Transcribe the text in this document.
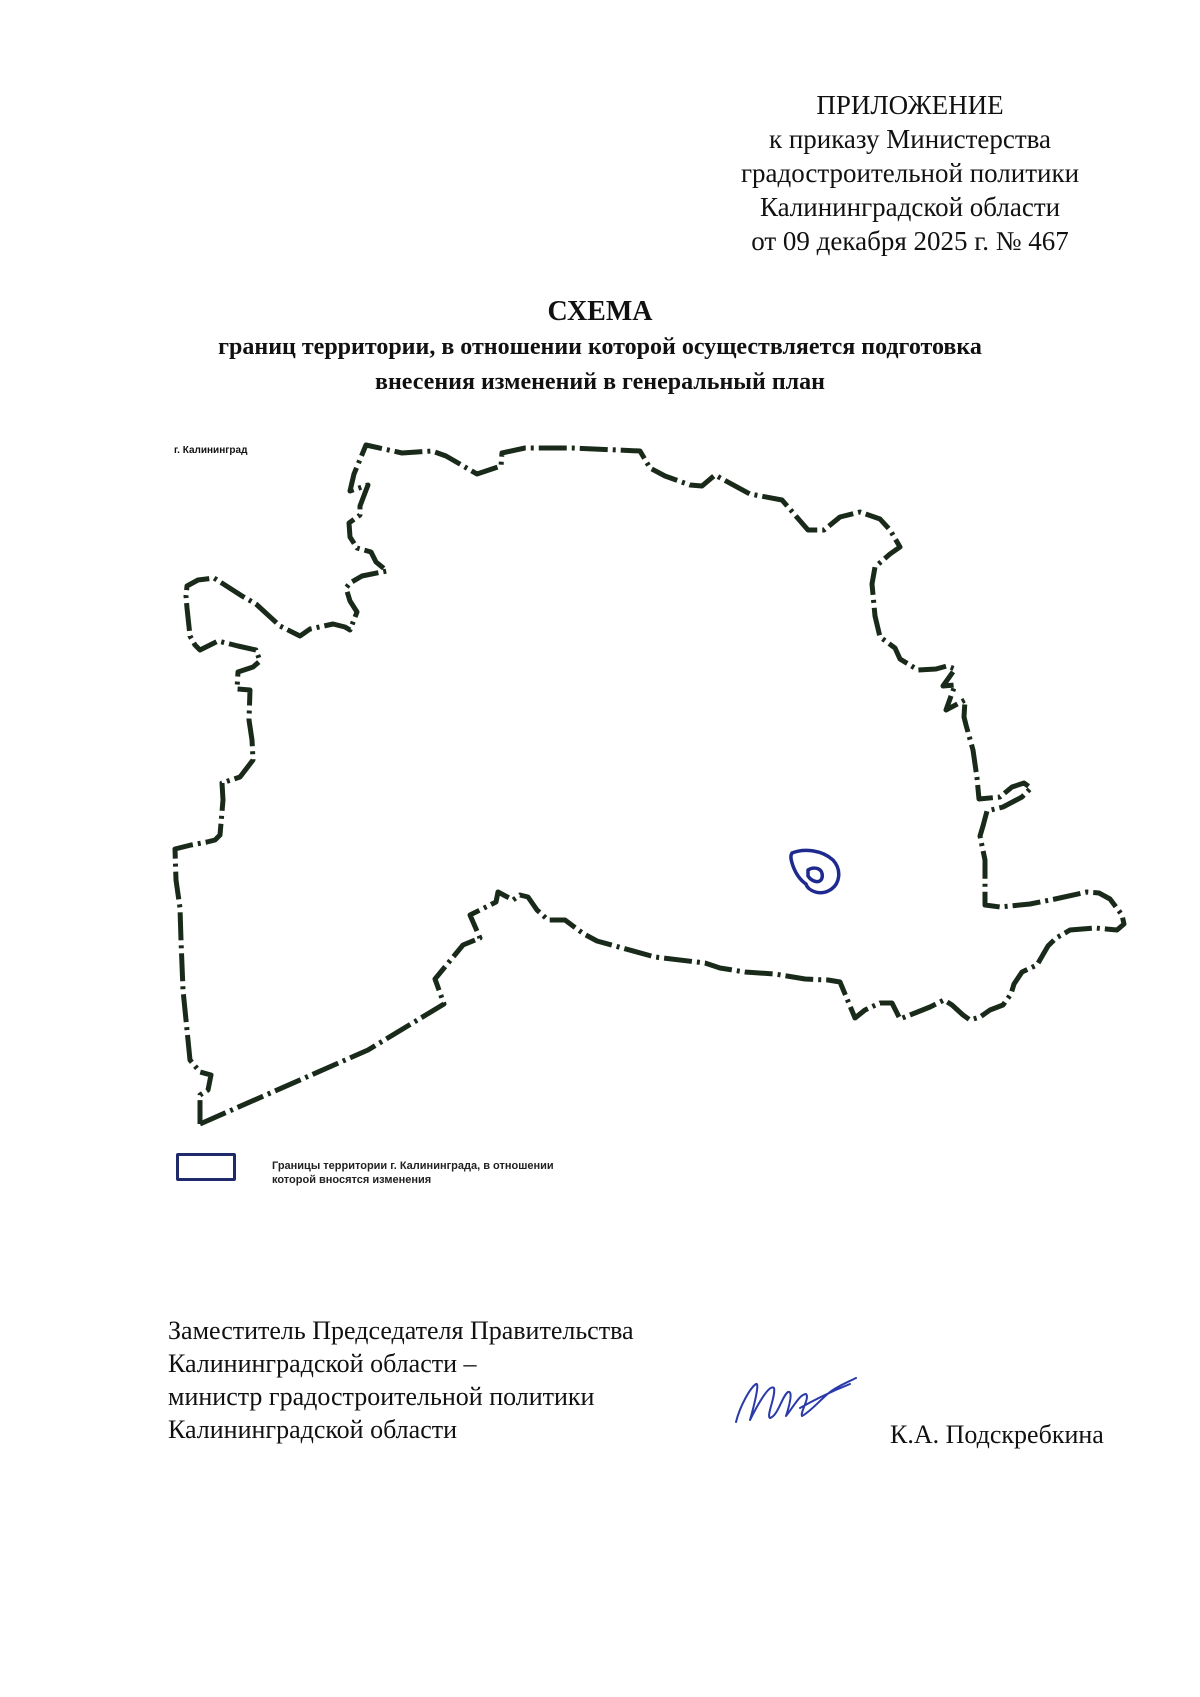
ПРИЛОЖЕНИЕ
к приказу Министерства
градостроительной политики
Калининградской области
от 09 декабря 2025 г. № 467
СХЕМА
границ территории, в отношении которой осуществляется подготовка
внесения изменений в генеральный план
г. Калининград
Границы территории г. Калининграда, в отношении
которой вносятся изменения
Заместитель Председателя Правительства
Калининградской области –
министр градостроительной политики
Калининградской области	К.А. Подскребкина
